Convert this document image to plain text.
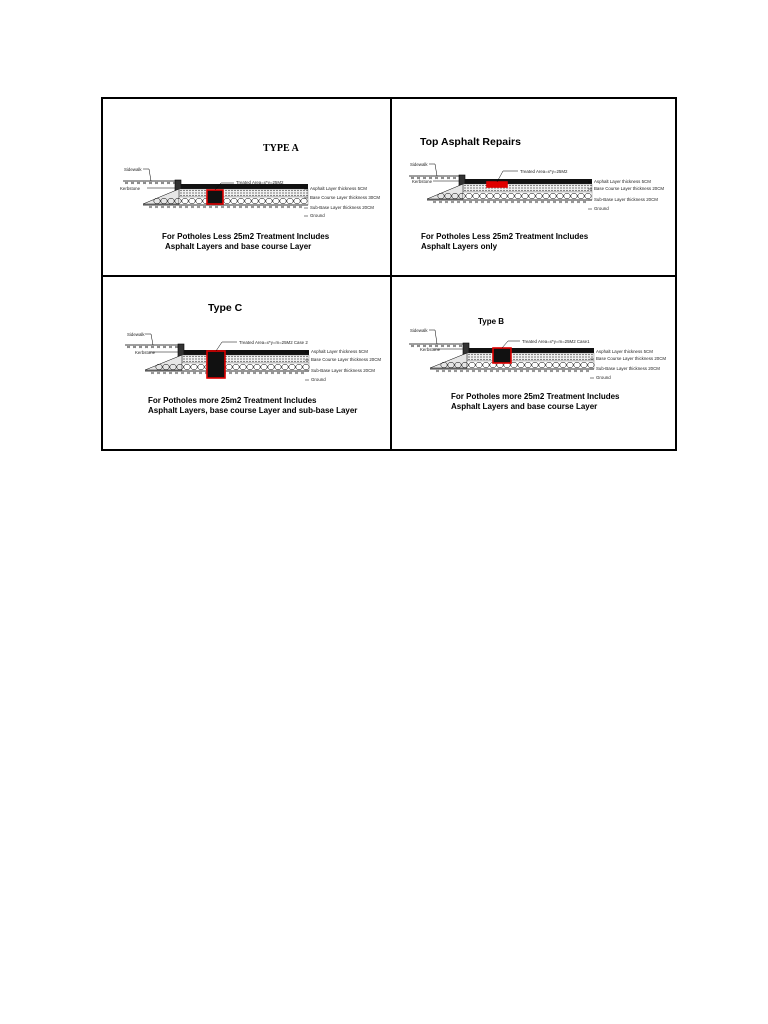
TYPE A
Sidewalk
Kerbstone
Treated Area=x*y=25M2
Asphalt Layer thickness 5CM
Base Course Layer thickness 30CM
Sub-Base Layer thickness 20CM
Ground
For Potholes Less 25m2 Treatment Includes
Asphalt Layers and base course Layer
Top Asphalt Repairs
Sidewalk
Kerbstone
Treated Area=x*y=25M2
Asphalt Layer thickness 5CM
Base Course Layer thickness 20CM
Sub-Base Layer thickness 20CM
Ground
For Potholes Less 25m2 Treatment Includes
Asphalt Layers only
Type C
Sidewalk
Kerbstone
Treated Area=x*y=m=25M2 Case 2
Asphalt Layer thickness 5CM
Base Course Layer thickness 20CM
Sub-Base Layer thickness 20CM
Ground
For Potholes more 25m2 Treatment Includes
Asphalt Layers, base course Layer and sub-base Layer
Type B
Sidewalk
Kerbstone
Treated Area=x*y=m=25M2 Case1
Asphalt Layer thickness 5CM
Base Course Layer thickness 20CM
Sub-Base Layer thickness 20CM
Ground
For Potholes more 25m2 Treatment Includes
Asphalt Layers and base course Layer
